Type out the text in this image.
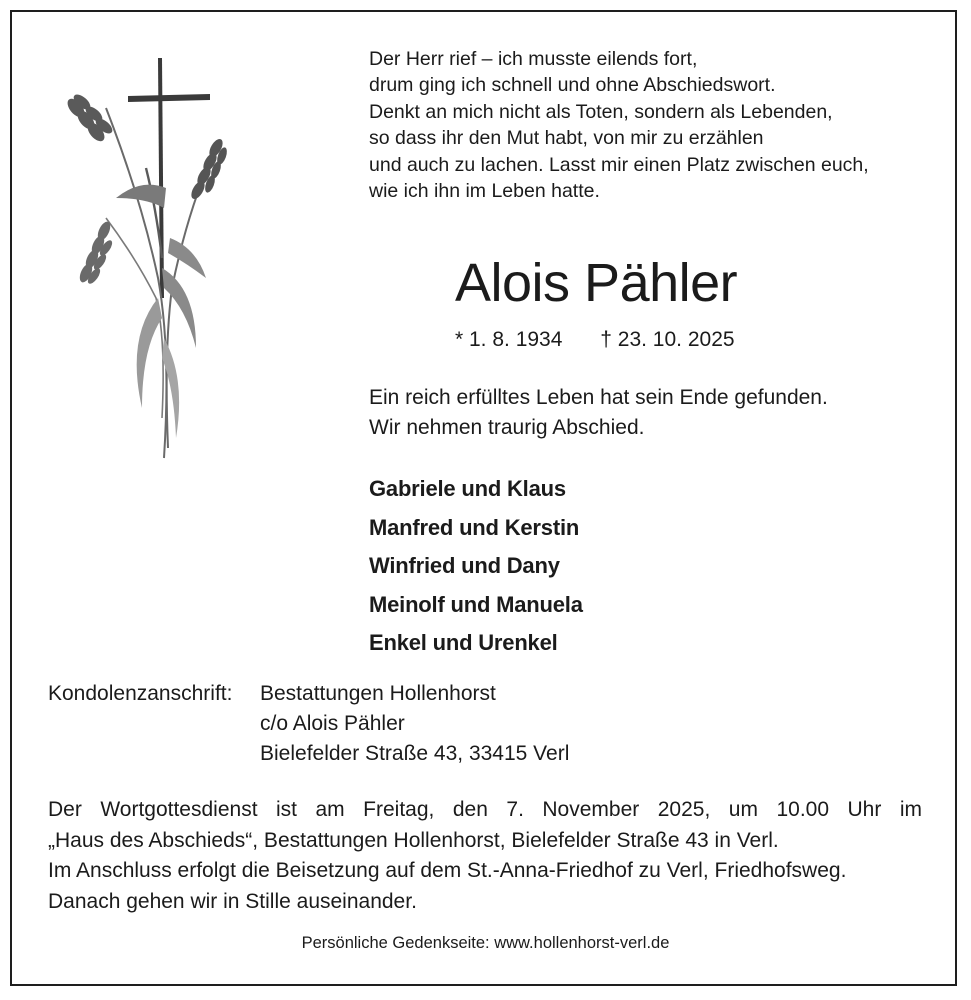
Der Herr rief – ich musste eilends fort,
drum ging ich schnell und ohne Abschiedswort.
Denkt an mich nicht als Toten, sondern als Lebenden,
so dass ihr den Mut habt, von mir zu erzählen
und auch zu lachen. Lasst mir einen Platz zwischen euch,
wie ich ihn im Leben hatte.
Alois Pähler
* 1. 8. 1934 † 23. 10. 2025
Ein reich erfülltes Leben hat sein Ende gefunden.
Wir nehmen traurig Abschied.
Gabriele und Klaus
Manfred und Kerstin
Winfried und Dany
Meinolf und Manuela
Enkel und Urenkel
Kondolenzanschrift: Bestattungen Hollenhorst
c/o Alois Pähler
Bielefelder Straße 43, 33415 Verl
Der Wortgottesdienst ist am Freitag, den 7. November 2025, um 10.00 Uhr im
„Haus des Abschieds“, Bestattungen Hollenhorst, Bielefelder Straße 43 in Verl.
Im Anschluss erfolgt die Beisetzung auf dem St.-Anna-Friedhof zu Verl, Friedhofsweg.
Danach gehen wir in Stille auseinander.
Persönliche Gedenkseite: www.hollenhorst-verl.de
